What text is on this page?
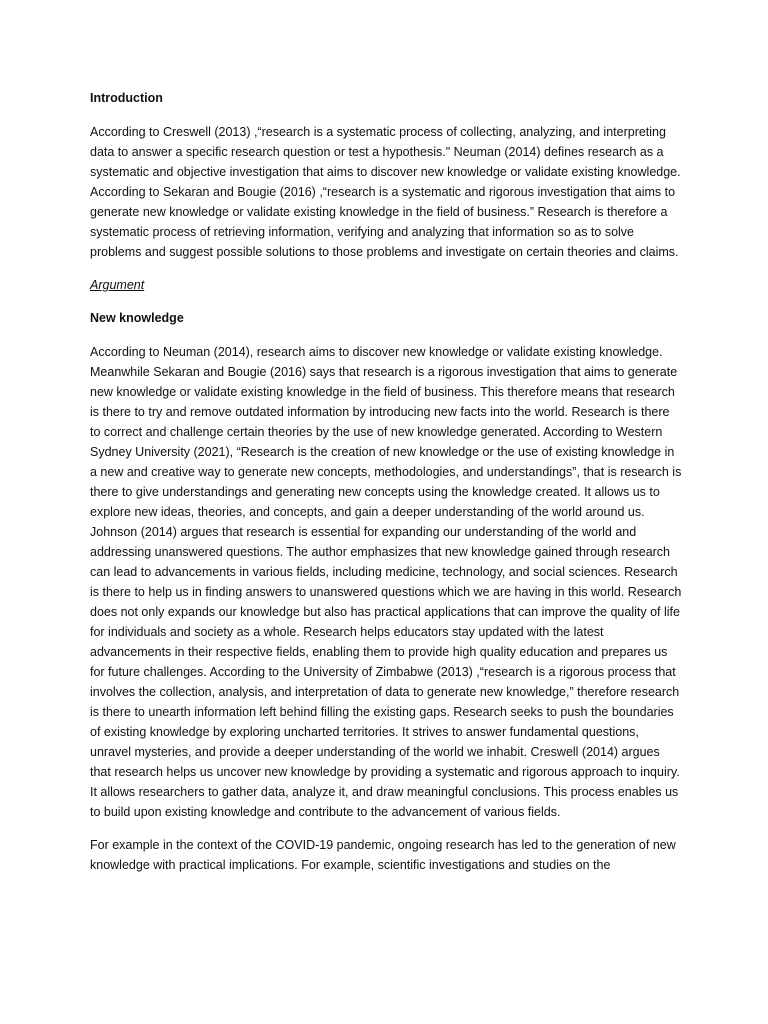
Introduction

According to Creswell (2013) ,“research is a systematic process of collecting, analyzing, and interpreting data to answer a specific research question or test a hypothesis." Neuman (2014) defines research as a systematic and objective investigation that aims to discover new knowledge or validate existing knowledge. According to Sekaran and Bougie (2016) ,“research is a systematic and rigorous investigation that aims to generate new knowledge or validate existing knowledge in the field of business.” Research is therefore a systematic process of retrieving information, verifying and analyzing that information so as to solve problems and suggest possible solutions to those problems and investigate on certain theories and claims.

Argument
New knowledge

According to Neuman (2014), research aims to discover new knowledge or validate existing knowledge. Meanwhile Sekaran and Bougie (2016) says that research is a rigorous investigation that aims to generate new knowledge or validate existing knowledge in the field of business. This therefore means that research is there to try and remove outdated information by introducing new facts into the world. Research is there to correct and challenge certain theories by the use of new knowledge generated. According to Western Sydney University (2021), “Research is the creation of new knowledge or the use of existing knowledge in a new and creative way to generate new concepts, methodologies, and understandings”, that is research is there to give understandings and generating new concepts using the knowledge created. It allows us to explore new ideas, theories, and concepts, and gain a deeper understanding of the world around us. Johnson (2014) argues that research is essential for expanding our understanding of the world and addressing unanswered questions. The author emphasizes that new knowledge gained through research can lead to advancements in various fields, including medicine, technology, and social sciences. Research is there to help us in finding answers to unanswered questions which we are having in this world. Research does not only expands our knowledge but also has practical applications that can improve the quality of life for individuals and society as a whole. Research helps educators stay updated with the latest advancements in their respective fields, enabling them to provide high quality education and prepares us for future challenges. According to the University of Zimbabwe (2013) ,“research is a rigorous process that involves the collection, analysis, and interpretation of data to generate new knowledge,” therefore research is there to unearth information left behind filling the existing gaps. Research seeks to push the boundaries of existing knowledge by exploring uncharted territories. It strives to answer fundamental questions, unravel mysteries, and provide a deeper understanding of the world we inhabit. Creswell (2014) argues that research helps us uncover new knowledge by providing a systematic and rigorous approach to inquiry. It allows researchers to gather data, analyze it, and draw meaningful conclusions. This process enables us to build upon existing knowledge and contribute to the advancement of various fields.

For example in the context of the COVID-19 pandemic, ongoing research has led to the generation of new knowledge with practical implications. For example, scientific investigations and studies on the
